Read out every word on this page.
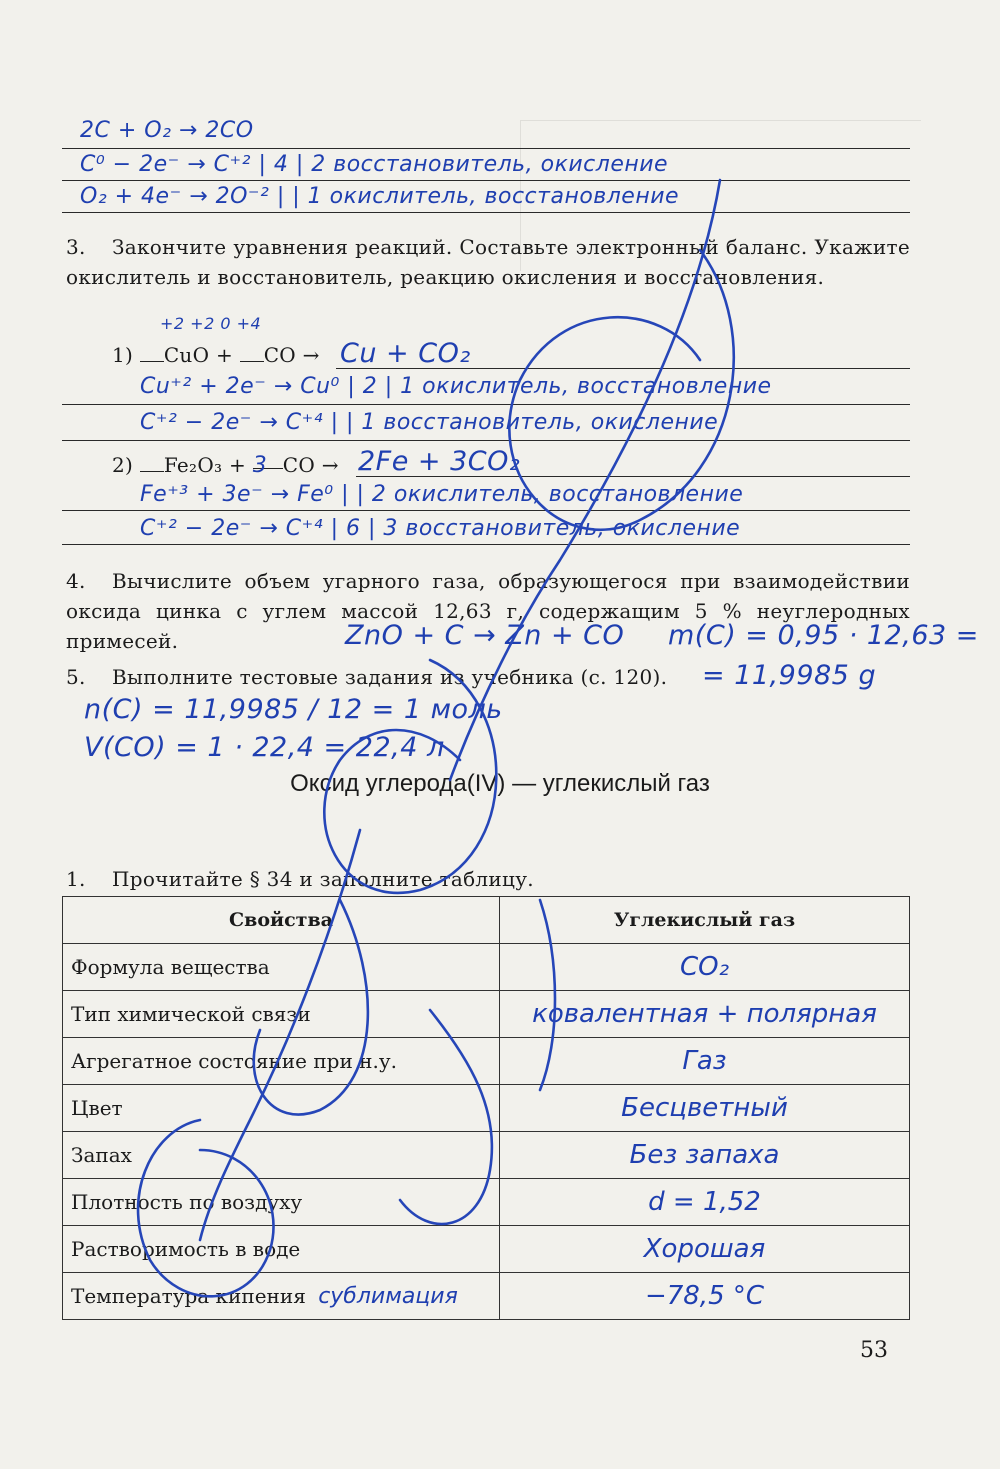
2C + O₂ → 2CO
C⁰ − 2e⁻ → C⁺² | 4 | 2 восстановитель, окисление
O₂ + 4e⁻ → 2O⁻² | | 1 окислитель, восстановление
3. Закончите уравнения реакций. Составьте электронный баланс. Укажите окислитель и восстановитель, реакцию окисления и восстановления.
+2 +2 0 +4
1) CuO + CO → Cu + CO₂
Cu⁺² + 2e⁻ → Cu⁰ | 2 | 1 окислитель, восстановление
C⁺² − 2e⁻ → C⁺⁴ | | 1 восстановитель, окисление
2) Fe₂O₃ + 3 CO → 2Fe + 3CO₂
Fe⁺³ + 3e⁻ → Fe⁰ | | 2 окислитель, восстановление
C⁺² − 2e⁻ → C⁺⁴ | 6 | 3 восстановитель, окисление
4. Вычислите объем угарного газа, образующегося при взаимодействии оксида цинка с углем массой 12,63 г, содержащим 5 % неуглеродных примесей.	ZnO + C → Zn + CO m(C) = 0,95 · 12,63 =
5. Выполните тестовые задания из учебника (с. 120). = 11,9985 g
n(C) = 11,9985 / 12 = 1 моль
V(CO) = 1 · 22,4 = 22,4 л
Оксид углерода(IV) — углекислый газ
1. Прочитайте § 34 и заполните таблицу.
Свойства	Углекислый газ
Формула вещества	CO₂
Тип химической связи	ковалентная + полярная
Агрегатное состояние при н.у.	Газ
Цвет	Бесцветный
Запах	Без запаха
Плотность по воздуху	d = 1,52
Растворимость в воде	Хорошая
Температура кипения сублимация	−78,5 °C
53
